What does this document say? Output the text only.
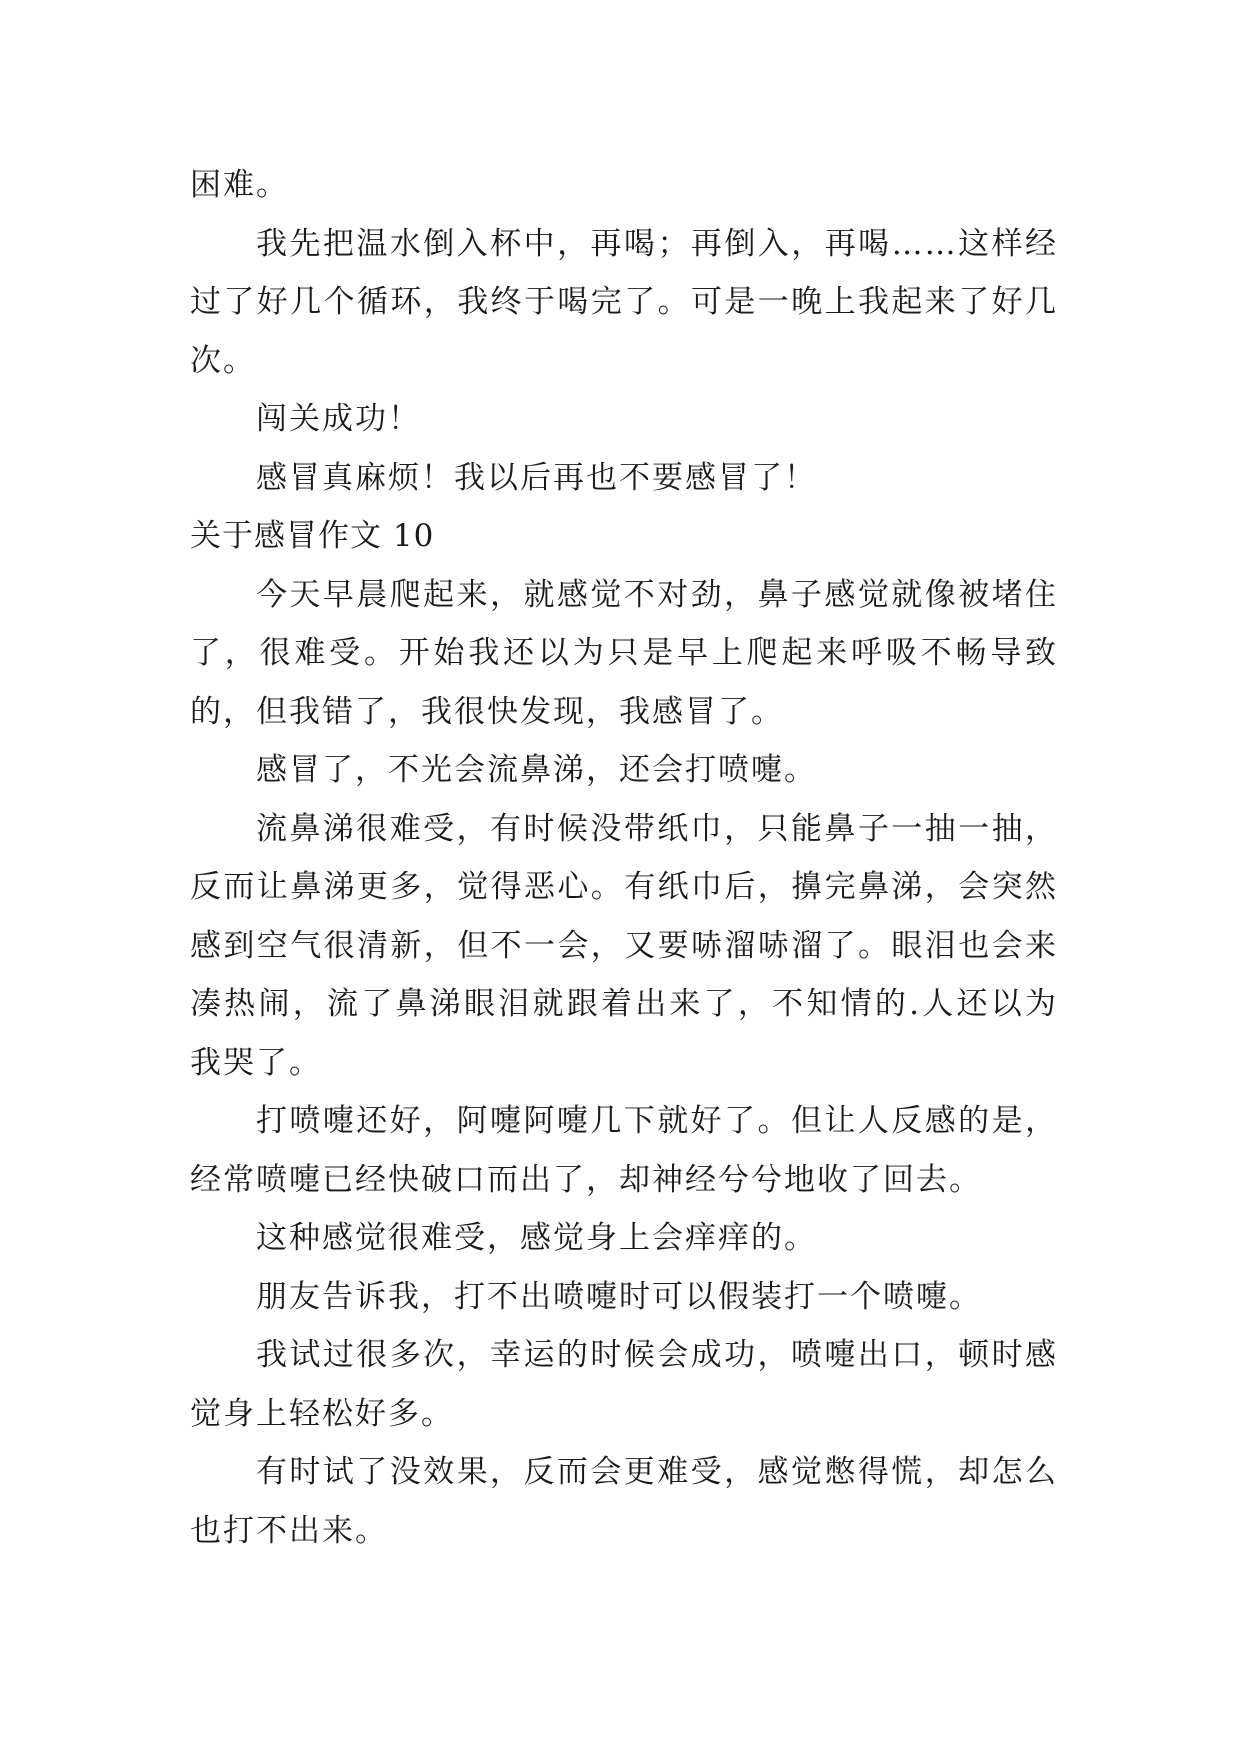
困难。

我先把温水倒入杯中，再喝；再倒入，再喝……这样经过了好几个循环，我终于喝完了。可是一晚上我起来了好几次。

闯关成功！

感冒真麻烦！我以后再也不要感冒了！

关于感冒作文 10

今天早晨爬起来，就感觉不对劲，鼻子感觉就像被堵住了，很难受。开始我还以为只是早上爬起来呼吸不畅导致的，但我错了，我很快发现，我感冒了。

感冒了，不光会流鼻涕，还会打喷嚏。

流鼻涕很难受，有时候没带纸巾，只能鼻子一抽一抽，反而让鼻涕更多，觉得恶心。有纸巾后，擤完鼻涕，会突然感到空气很清新，但不一会，又要哧溜哧溜了。眼泪也会来凑热闹，流了鼻涕眼泪就跟着出来了，不知情的.人还以为我哭了。

打喷嚏还好，阿嚏阿嚏几下就好了。但让人反感的是，经常喷嚏已经快破口而出了，却神经兮兮地收了回去。

这种感觉很难受，感觉身上会痒痒的。

朋友告诉我，打不出喷嚏时可以假装打一个喷嚏。

我试过很多次，幸运的时候会成功，喷嚏出口，顿时感觉身上轻松好多。

有时试了没效果，反而会更难受，感觉憋得慌，却怎么也打不出来。
